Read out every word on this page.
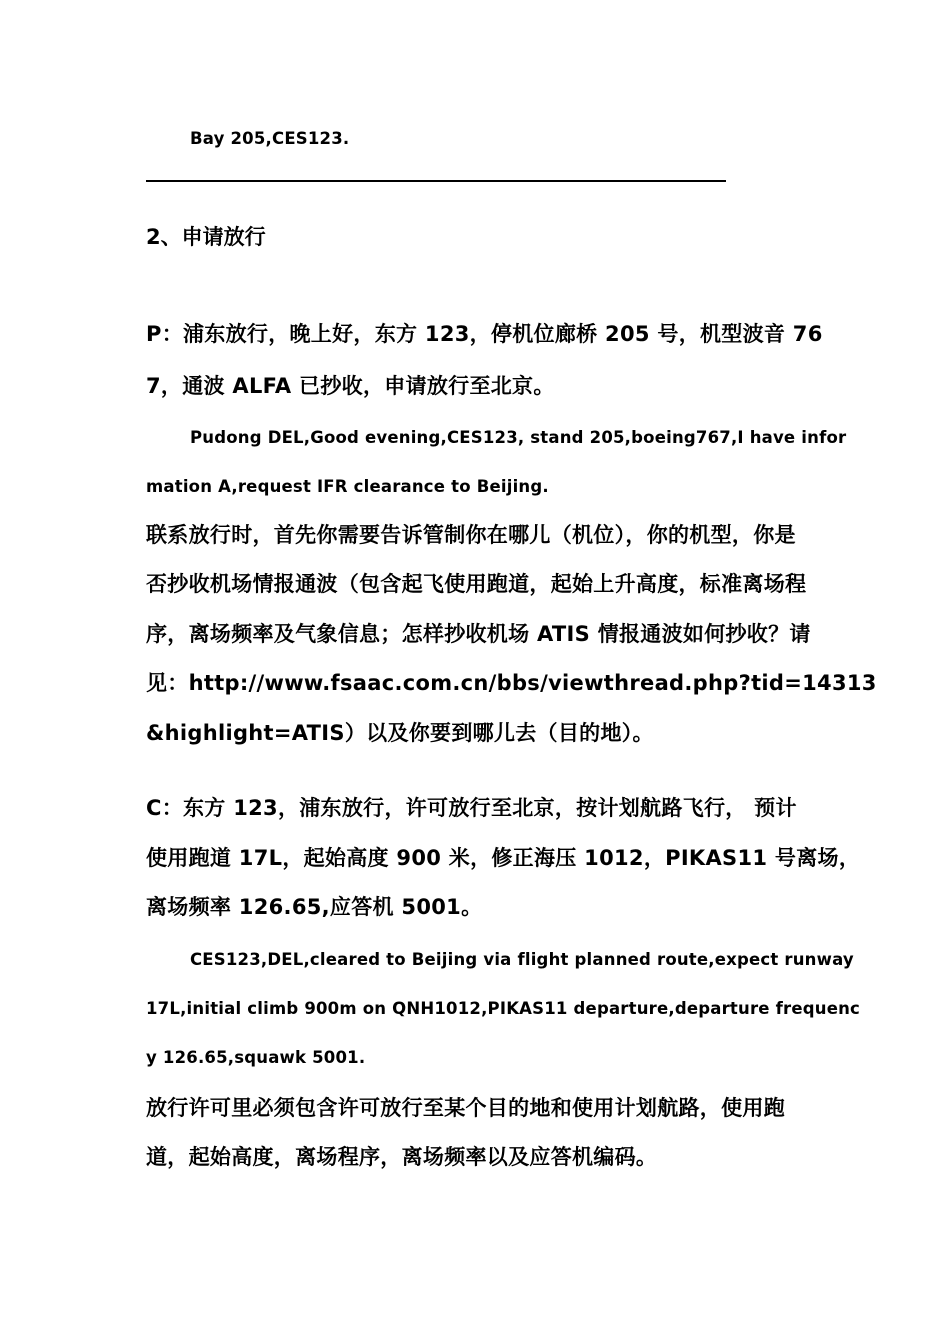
Bay 205,CES123.
2、申请放行
P：浦东放行，晚上好，东方 123，停机位廊桥 205 号，机型波音 76
7，通波 ALFA 已抄收，申请放行至北京。
Pudong DEL,Good evening,CES123, stand 205,boeing767,I have infor
mation A,request IFR clearance to Beijing.
联系放行时，首先你需要告诉管制你在哪儿（机位），你的机型，你是
否抄收机场情报通波（包含起飞使用跑道，起始上升高度，标准离场程
序，离场频率及气象信息；怎样抄收机场 ATIS 情报通波如何抄收？请
见：http://www.fsaac.com.cn/bbs/viewthread.php?tid=14313
&highlight=ATIS）以及你要到哪儿去（目的地）。
C：东方 123，浦东放行，许可放行至北京，按计划航路飞行， 预计
使用跑道 17L，起始高度 900 米，修正海压 1012，PIKAS11 号离场，
离场频率 126.65,应答机 5001。
CES123,DEL,cleared to Beijing via flight planned route,expect runway
17L,initial climb 900m on QNH1012,PIKAS11 departure,departure frequenc
y 126.65,squawk 5001.
放行许可里必须包含许可放行至某个目的地和使用计划航路，使用跑
道，起始高度，离场程序，离场频率以及应答机编码。
